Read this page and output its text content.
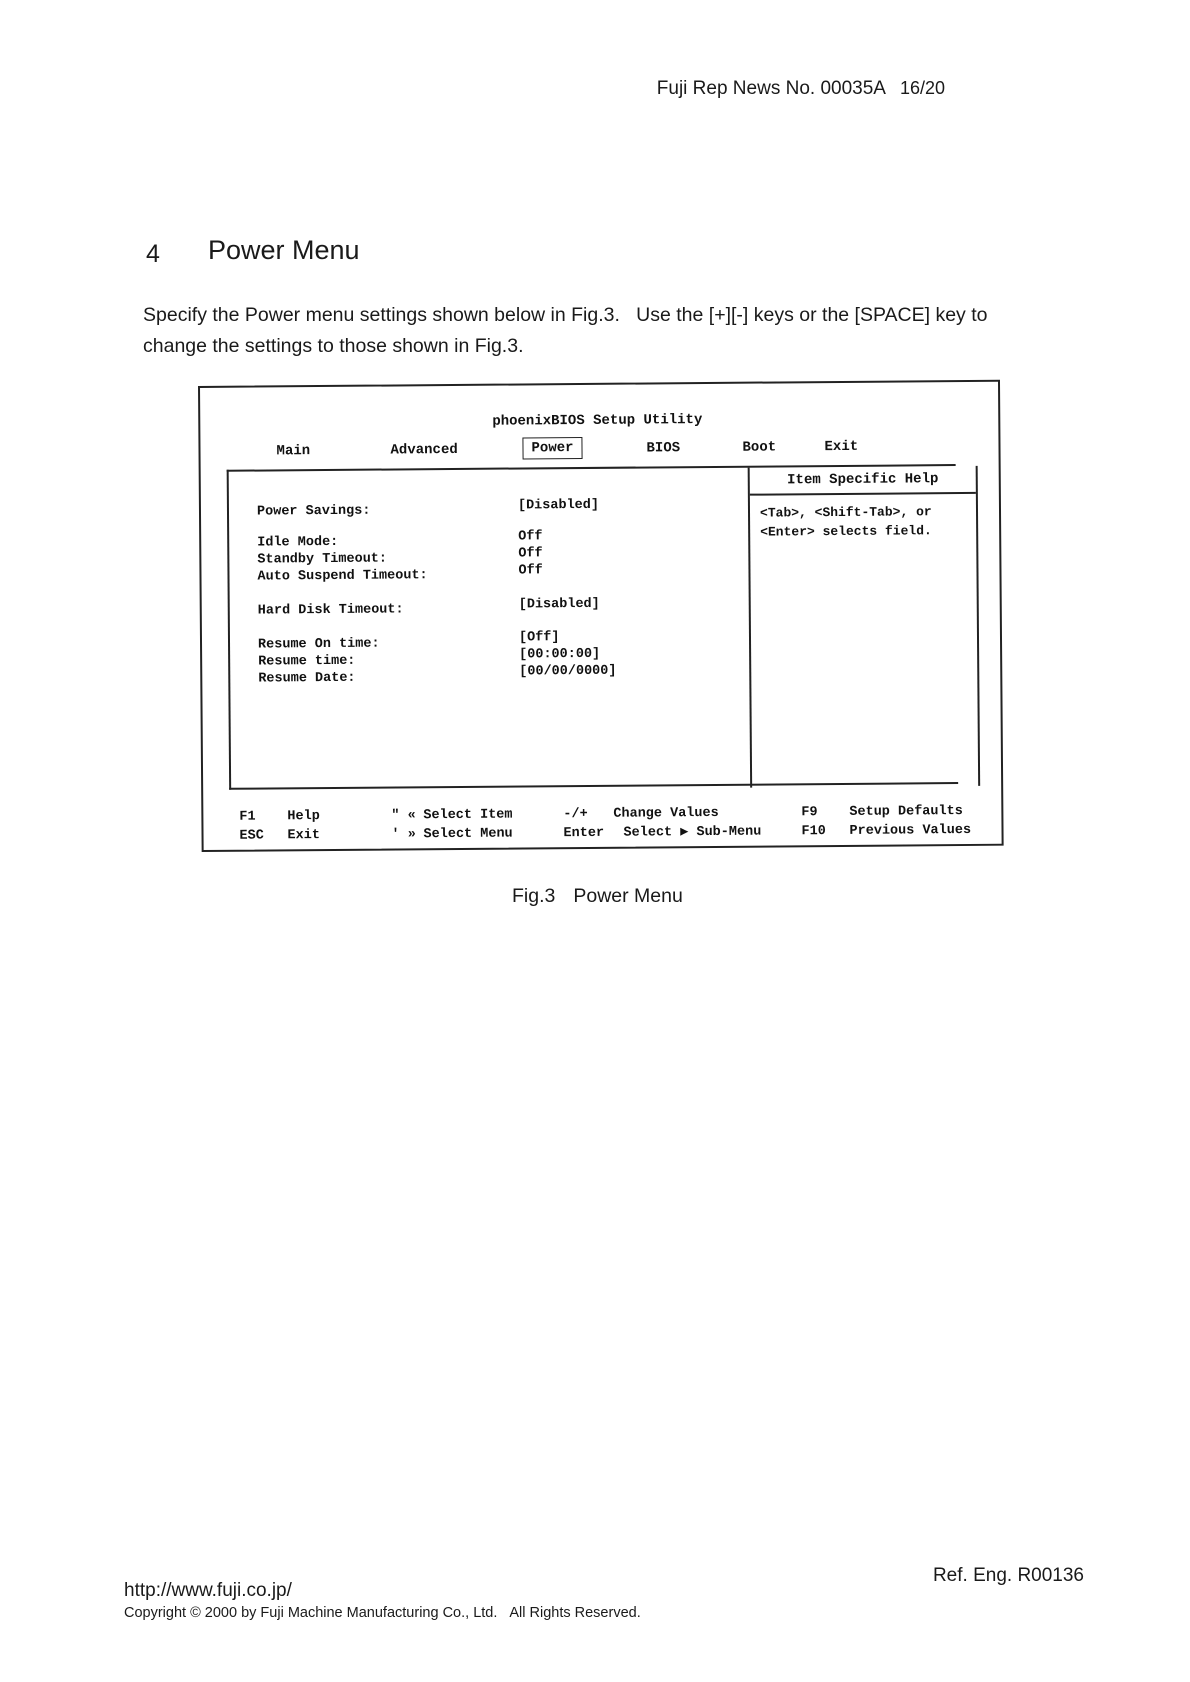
Fuji Rep News No. 00035A 16/20
4 Power Menu
Specify the Power menu settings shown below in Fig.3.   Use the [+][-] keys or the [SPACE] key to
change the settings to those shown in Fig.3.
phoenixBIOS Setup Utility
Main	Advanced	Power	BIOS	Boot	Exit
Power Savings:	[Disabled]
Idle Mode:	Off
Standby Timeout:	Off
Auto Suspend Timeout:	Off
Hard Disk Timeout:	[Disabled]
Resume On time:	[Off]
Resume time:	[00:00:00]
Resume Date:	[00/00/0000]
Item Specific Help
<Tab>, <Shift-Tab>, or <Enter> selects field.
F1 Help
ESC Exit
" « Select Item
' » Select Menu
-/+ Change Values
Enter Select ▶ Sub-Menu
F9 Setup Defaults
F10 Previous Values
Fig.3 Power Menu
Ref. Eng. R00136
http://www.fuji.co.jp/
Copyright © 2000 by Fuji Machine Manufacturing Co., Ltd. All Rights Reserved.
